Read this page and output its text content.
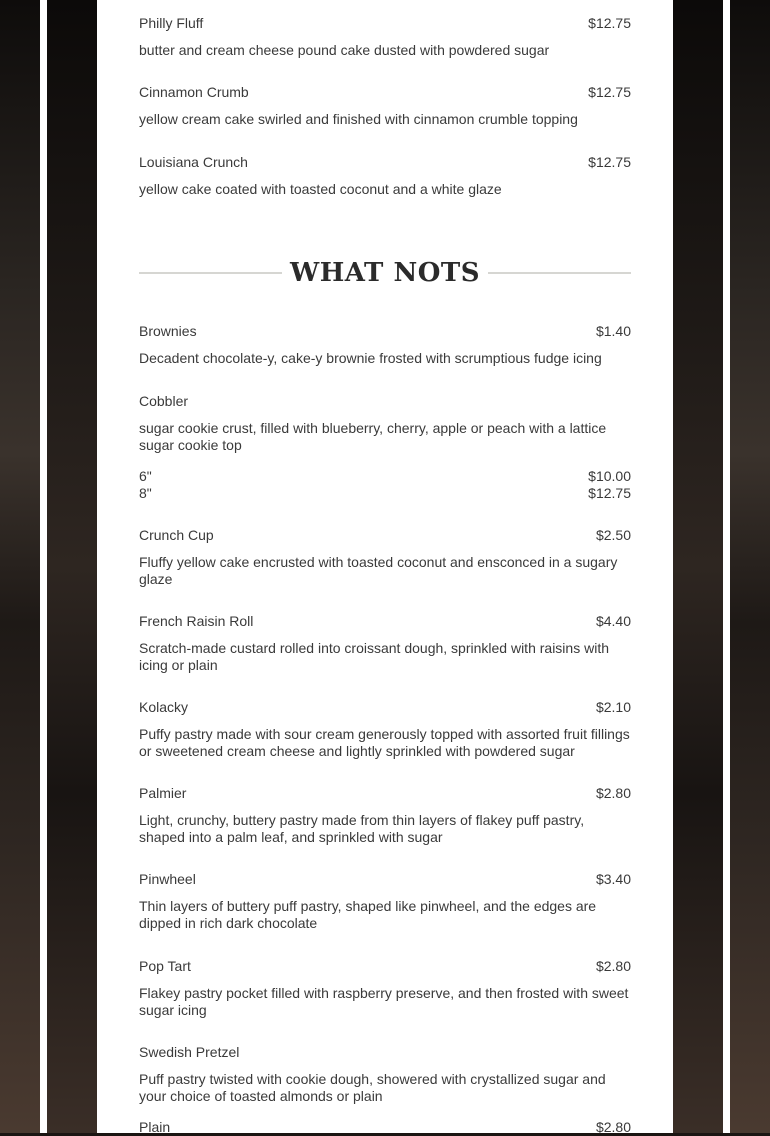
Philly Fluff	$12.75
butter and cream cheese pound cake dusted with powdered sugar
Cinnamon Crumb	$12.75
yellow cream cake swirled and finished with cinnamon crumble topping
Louisiana Crunch	$12.75
yellow cake coated with toasted coconut and a white glaze
WHAT NOTS
Brownies	$1.40
Decadent chocolate-y, cake-y brownie frosted with scrumptious fudge icing
Cobbler
sugar cookie crust, filled with blueberry, cherry, apple or peach with a lattice sugar cookie top
6"	$10.00
8"	$12.75
Crunch Cup	$2.50
Fluffy yellow cake encrusted with toasted coconut and ensconced in a sugary glaze
French Raisin Roll	$4.40
Scratch-made custard rolled into croissant dough, sprinkled with raisins with icing or plain
Kolacky	$2.10
Puffy pastry made with sour cream generously topped with assorted fruit fillings or sweetened cream cheese and lightly sprinkled with powdered sugar
Palmier	$2.80
Light, crunchy, buttery pastry made from thin layers of flakey puff pastry, shaped into a palm leaf, and sprinkled with sugar
Pinwheel	$3.40
Thin layers of buttery puff pastry, shaped like pinwheel, and the edges are dipped in rich dark chocolate
Pop Tart	$2.80
Flakey pastry pocket filled with raspberry preserve, and then frosted with sweet sugar icing
Swedish Pretzel
Puff pastry twisted with cookie dough, showered with crystallized sugar and your choice of toasted almonds or plain
Plain	$2.80
